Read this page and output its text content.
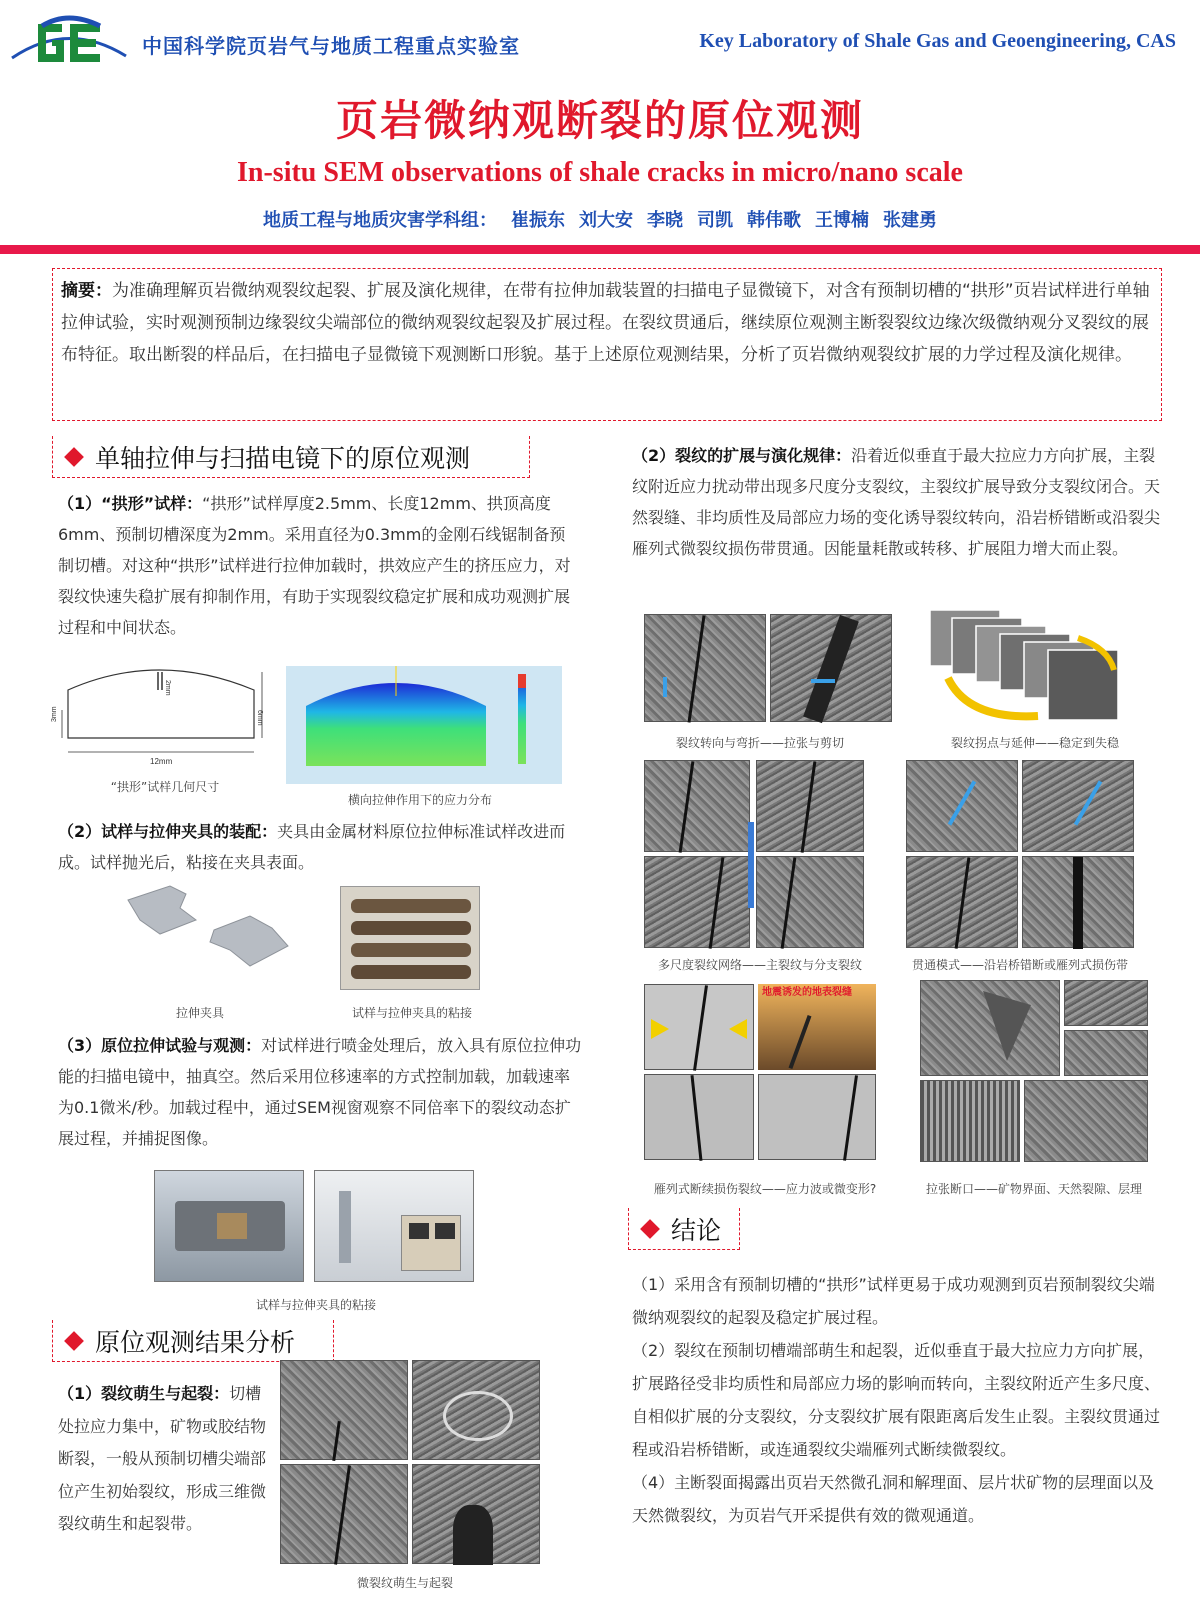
中国科学院页岩气与地质工程重点实验室	Key Laboratory of Shale Gas and Geoengineering, CAS
页岩微纳观断裂的原位观测
In-situ SEM observations of shale cracks in micro/nano scale
地质工程与地质灾害学科组： 崔振东 刘大安 李晓 司凯 韩伟歌 王博楠 张建勇
摘要：为准确理解页岩微纳观裂纹起裂、扩展及演化规律，在带有拉伸加载装置的扫描电子显微镜下，对含有预制切槽的“拱形”页岩试样进行单轴拉伸试验，实时观测预制边缘裂纹尖端部位的微纳观裂纹起裂及扩展过程。在裂纹贯通后，继续原位观测主断裂裂纹边缘次级微纳观分叉裂纹的展布特征。取出断裂的样品后，在扫描电子显微镜下观测断口形貌。基于上述原位观测结果，分析了页岩微纳观裂纹扩展的力学过程及演化规律。
单轴拉伸与扫描电镜下的原位观测
（1）“拱形”试样：“拱形”试样厚度2.5mm、长度12mm、拱顶高度6mm、预制切槽深度为2mm。采用直径为0.3mm的金刚石线锯制备预制切槽。对这种“拱形”试样进行拉伸加载时，拱效应产生的挤压应力，对裂纹快速失稳扩展有抑制作用，有助于实现裂纹稳定扩展和成功观测扩展过程和中间状态。
12mm
6mm
3mm
2mm
“拱形”试样几何尺寸
横向拉伸作用下的应力分布
（2）试样与拉伸夹具的装配：夹具由金属材料原位拉伸标准试样改进而成。试样抛光后，粘接在夹具表面。
拉伸夹具	试样与拉伸夹具的粘接
（3）原位拉伸试验与观测：对试样进行喷金处理后，放入具有原位拉伸功能的扫描电镜中，抽真空。然后采用位移速率的方式控制加载，加载速率为0.1微米/秒。加载过程中，通过SEM视窗观察不同倍率下的裂纹动态扩展过程，并捕捉图像。
试样与拉伸夹具的粘接
原位观测结果分析
（1）裂纹萌生与起裂：切槽处拉应力集中，矿物或胶结物断裂，一般从预制切槽尖端部位产生初始裂纹，形成三维微裂纹萌生和起裂带。
微裂纹萌生与起裂
（2）裂纹的扩展与演化规律：沿着近似垂直于最大拉应力方向扩展，主裂纹附近应力扰动带出现多尺度分支裂纹，主裂纹扩展导致分支裂纹闭合。天然裂缝、非均质性及局部应力场的变化诱导裂纹转向，沿岩桥错断或沿裂尖雁列式微裂纹损伤带贯通。因能量耗散或转移、扩展阻力增大而止裂。
裂纹转向与弯折——拉张与剪切	裂纹拐点与延伸——稳定到失稳
多尺度裂纹网络——主裂纹与分支裂纹	贯通模式——沿岩桥错断或雁列式损伤带
地震诱发的地表裂缝
雁列式断续损伤裂纹——应力波或微变形?	拉张断口——矿物界面、天然裂隙、层理
结论
（1）采用含有预制切槽的“拱形”试样更易于成功观测到页岩预制裂纹尖端微纳观裂纹的起裂及稳定扩展过程。
（2）裂纹在预制切槽端部萌生和起裂，近似垂直于最大拉应力方向扩展，扩展路径受非均质性和局部应力场的影响而转向，主裂纹附近产生多尺度、自相似扩展的分支裂纹，分支裂纹扩展有限距离后发生止裂。主裂纹贯通过程或沿岩桥错断，或连通裂纹尖端雁列式断续微裂纹。
（4）主断裂面揭露出页岩天然微孔洞和解理面、层片状矿物的层理面以及天然微裂纹，为页岩气开采提供有效的微观通道。
